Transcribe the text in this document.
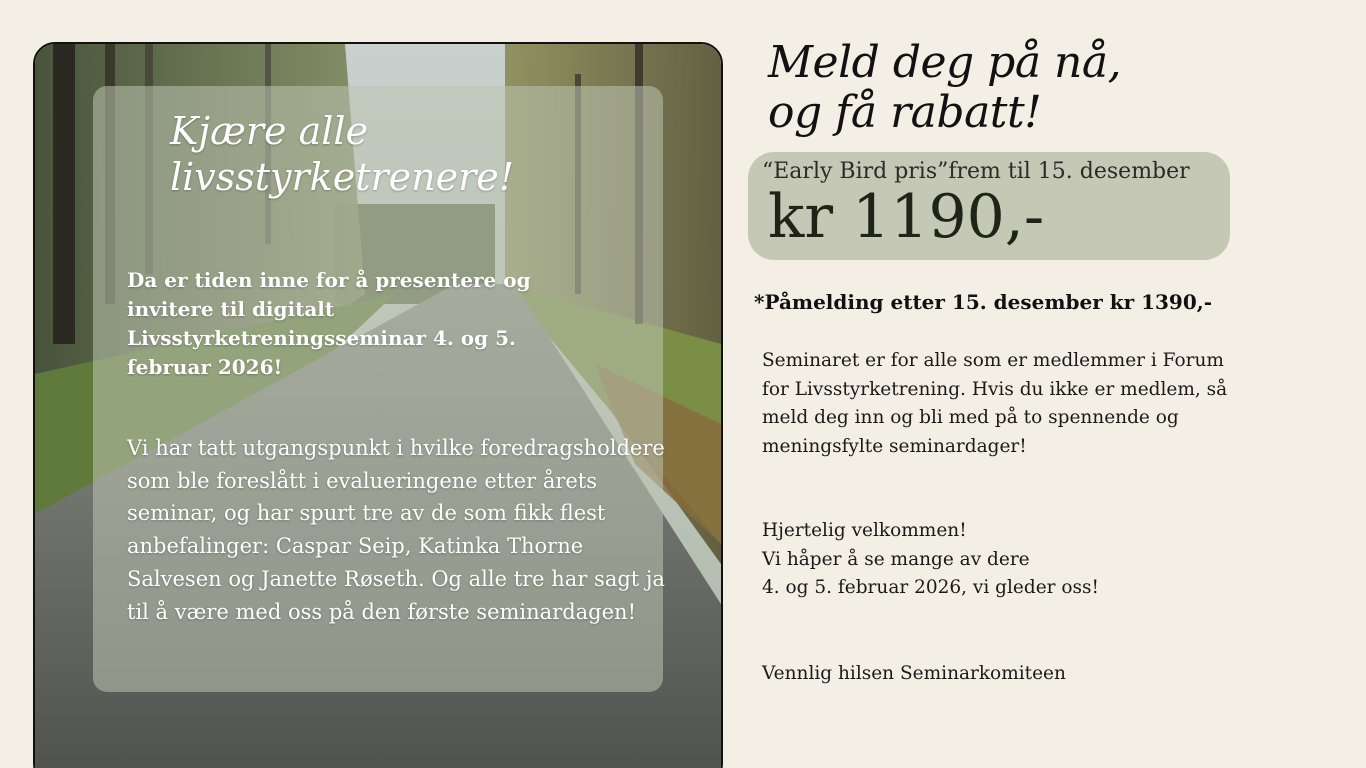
Kjære alle
livsstyrketrenere!

Da er tiden inne for å presentere og invitere til digitalt Livsstyrketreningsseminar 4. og 5. februar 2026!

Vi har tatt utgangspunkt i hvilke foredragsholdere som ble foreslått i evalueringene etter årets seminar, og har spurt tre av de som fikk flest anbefalinger: Caspar Seip, Katinka Thorne Salvesen og Janette Røseth. Og alle tre har sagt ja til å være med oss på den første seminardagen!

Meld deg på nå,
og få rabatt!
“Early Bird pris”frem til 15. desember
kr 1190,-

*Påmelding etter 15. desember kr 1390,-

Seminaret er for alle som er medlemmer i Forum for Livsstyrketrening. Hvis du ikke er medlem, så meld deg inn og bli med på to spennende og meningsfylte seminardager!

Hjertelig velkommen!
Vi håper å se mange av dere
4. og 5. februar 2026, vi gleder oss!

Vennlig hilsen Seminarkomiteen
